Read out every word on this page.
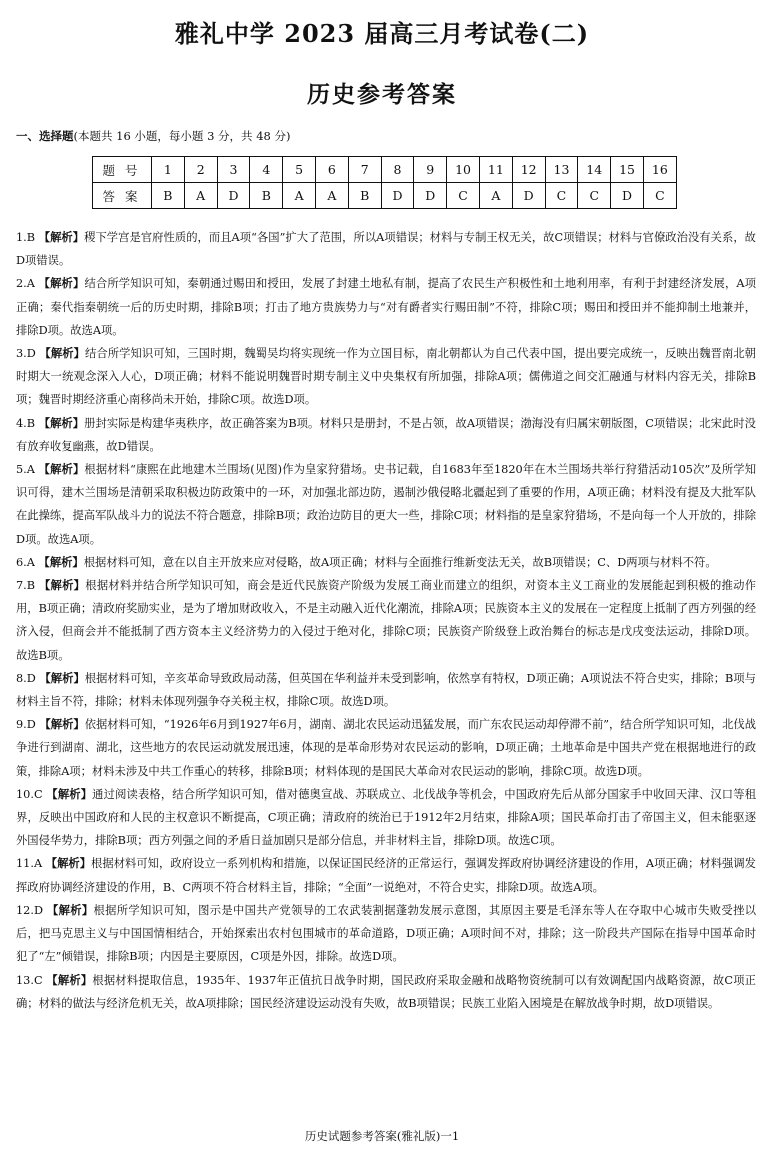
雅礼中学 2023 届高三月考试卷(二)
历史参考答案
一、选择题(本题共 16 小题，每小题 3 分，共 48 分)
题号	1	2	3	4	5	6	7	8	9	10	11	12	13	14	15	16
答案	B	A	D	B	A	A	B	D	D	C	A	D	C	C	D	C

1.B 【解析】稷下学宫是官府性质的，而且A项“各国”扩大了范围，所以A项错误；材料与专制王权无关，故C项错误；材料与官僚政治没有关系，故D项错误。

2.A 【解析】结合所学知识可知，秦朝通过赐田和授田，发展了封建土地私有制，提高了农民生产积极性和土地利用率，有利于封建经济发展，A项正确；秦代指秦朝统一后的历史时期，排除B项；打击了地方贵族势力与“对有爵者实行赐田制”不符，排除C项；赐田和授田并不能抑制土地兼并，排除D项。故选A项。

3.D 【解析】结合所学知识可知，三国时期，魏蜀吴均将实现统一作为立国目标，南北朝都认为自己代表中国，提出要完成统一，反映出魏晋南北朝时期大一统观念深入人心，D项正确；材料不能说明魏晋时期专制主义中央集权有所加强，排除A项；儒佛道之间交汇融通与材料内容无关，排除B项；魏晋时期经济重心南移尚未开始，排除C项。故选D项。

4.B 【解析】册封实际是构建华夷秩序，故正确答案为B项。材料只是册封，不是占领，故A项错误；渤海没有归属宋朝版图，C项错误；北宋此时没有放弃收复幽燕，故D错误。

5.A 【解析】根据材料“康熙在此地建木兰围场(见图)作为皇家狩猎场。史书记载，自1683年至1820年在木兰围场共举行狩猎活动105次”及所学知识可得，建木兰围场是清朝采取积极边防政策中的一环，对加强北部边防，遏制沙俄侵略北疆起到了重要的作用，A项正确；材料没有提及大批军队在此操练，提高军队战斗力的说法不符合题意，排除B项；政治边防目的更大一些，排除C项；材料指的是皇家狩猎场，不是向每一个人开放的，排除D项。故选A项。

6.A 【解析】根据材料可知，意在以自主开放来应对侵略，故A项正确；材料与全面推行维新变法无关，故B项错误；C、D两项与材料不符。

7.B 【解析】根据材料并结合所学知识可知，商会是近代民族资产阶级为发展工商业而建立的组织，对资本主义工商业的发展能起到积极的推动作用，B项正确；清政府奖励实业，是为了增加财政收入，不是主动融入近代化潮流，排除A项；民族资本主义的发展在一定程度上抵制了西方列强的经济入侵，但商会并不能抵制了西方资本主义经济势力的入侵过于绝对化，排除C项；民族资产阶级登上政治舞台的标志是戊戌变法运动，排除D项。故选B项。

8.D 【解析】根据材料可知，辛亥革命导致政局动荡，但英国在华利益并未受到影响，依然享有特权，D项正确；A项说法不符合史实，排除；B项与材料主旨不符，排除；材料未体现列强争夺关税主权，排除C项。故选D项。

9.D 【解析】依据材料可知，“1926年6月到1927年6月，湖南、湖北农民运动迅猛发展，而广东农民运动却停滞不前”，结合所学知识可知，北伐战争进行到湖南、湖北，这些地方的农民运动就发展迅速，体现的是革命形势对农民运动的影响，D项正确；土地革命是中国共产党在根据地进行的政策，排除A项；材料未涉及中共工作重心的转移，排除B项；材料体现的是国民大革命对农民运动的影响，排除C项。故选D项。

10.C 【解析】通过阅读表格，结合所学知识可知，借对德奥宣战、苏联成立、北伐战争等机会，中国政府先后从部分国家手中收回天津、汉口等租界，反映出中国政府和人民的主权意识不断提高，C项正确；清政府的统治已于1912年2月结束，排除A项；国民革命打击了帝国主义，但未能驱逐外国侵华势力，排除B项；西方列强之间的矛盾日益加剧只是部分信息，并非材料主旨，排除D项。故选C项。

11.A 【解析】根据材料可知，政府设立一系列机构和措施，以保证国民经济的正常运行，强调发挥政府协调经济建设的作用，A项正确；材料强调发挥政府协调经济建设的作用，B、C两项不符合材料主旨，排除；“全面”一说绝对，不符合史实，排除D项。故选A项。

12.D 【解析】根据所学知识可知，图示是中国共产党领导的工农武装割据蓬勃发展示意图，其原因主要是毛泽东等人在夺取中心城市失败受挫以后，把马克思主义与中国国情相结合，开始探索出农村包围城市的革命道路，D项正确；A项时间不对，排除；这一阶段共产国际在指导中国革命时犯了“左”倾错误，排除B项；内因是主要原因，C项是外因，排除。故选D项。

13.C 【解析】根据材料提取信息，1935年、1937年正值抗日战争时期，国民政府采取金融和战略物资统制可以有效调配国内战略资源，故C项正确；材料的做法与经济危机无关，故A项排除；国民经济建设运动没有失败，故B项错误；民族工业陷入困境是在解放战争时期，故D项错误。

历史试题参考答案(雅礼版)一1
